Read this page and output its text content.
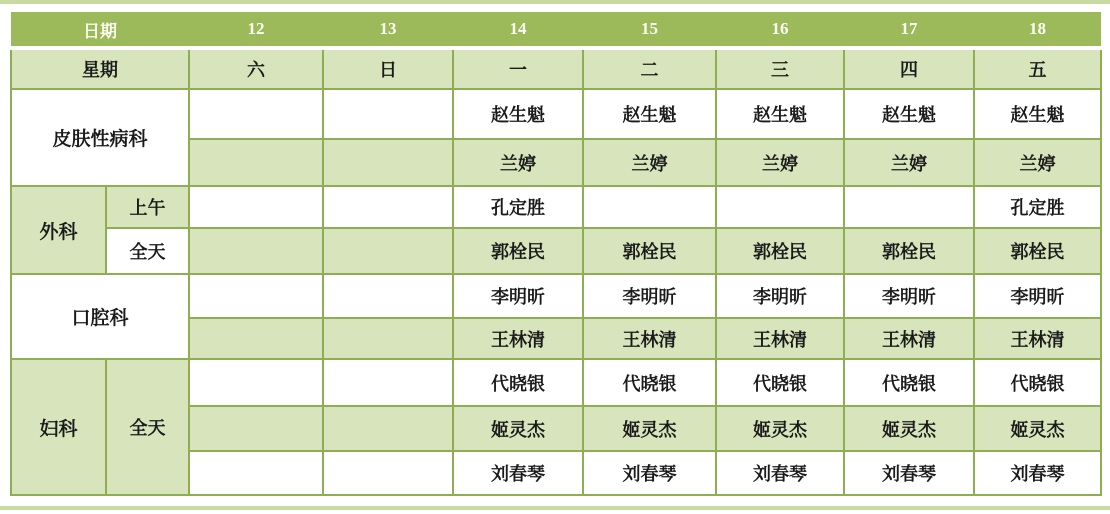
日期		12	13	14	15	16	17	18
星期		六	日	一	二	三	四	五
皮肤性病科				赵生魁	赵生魁	赵生魁	赵生魁	赵生魁
				兰婷	兰婷	兰婷	兰婷	兰婷
外科	上午			孔定胜				孔定胜
	全天			郭栓民	郭栓民	郭栓民	郭栓民	郭栓民
口腔科				李明昕	李明昕	李明昕	李明昕	李明昕
				王林清	王林清	王林清	王林清	王林清
妇科	全天			代晓银	代晓银	代晓银	代晓银	代晓银
				姬灵杰	姬灵杰	姬灵杰	姬灵杰	姬灵杰
				刘春琴	刘春琴	刘春琴	刘春琴	刘春琴
